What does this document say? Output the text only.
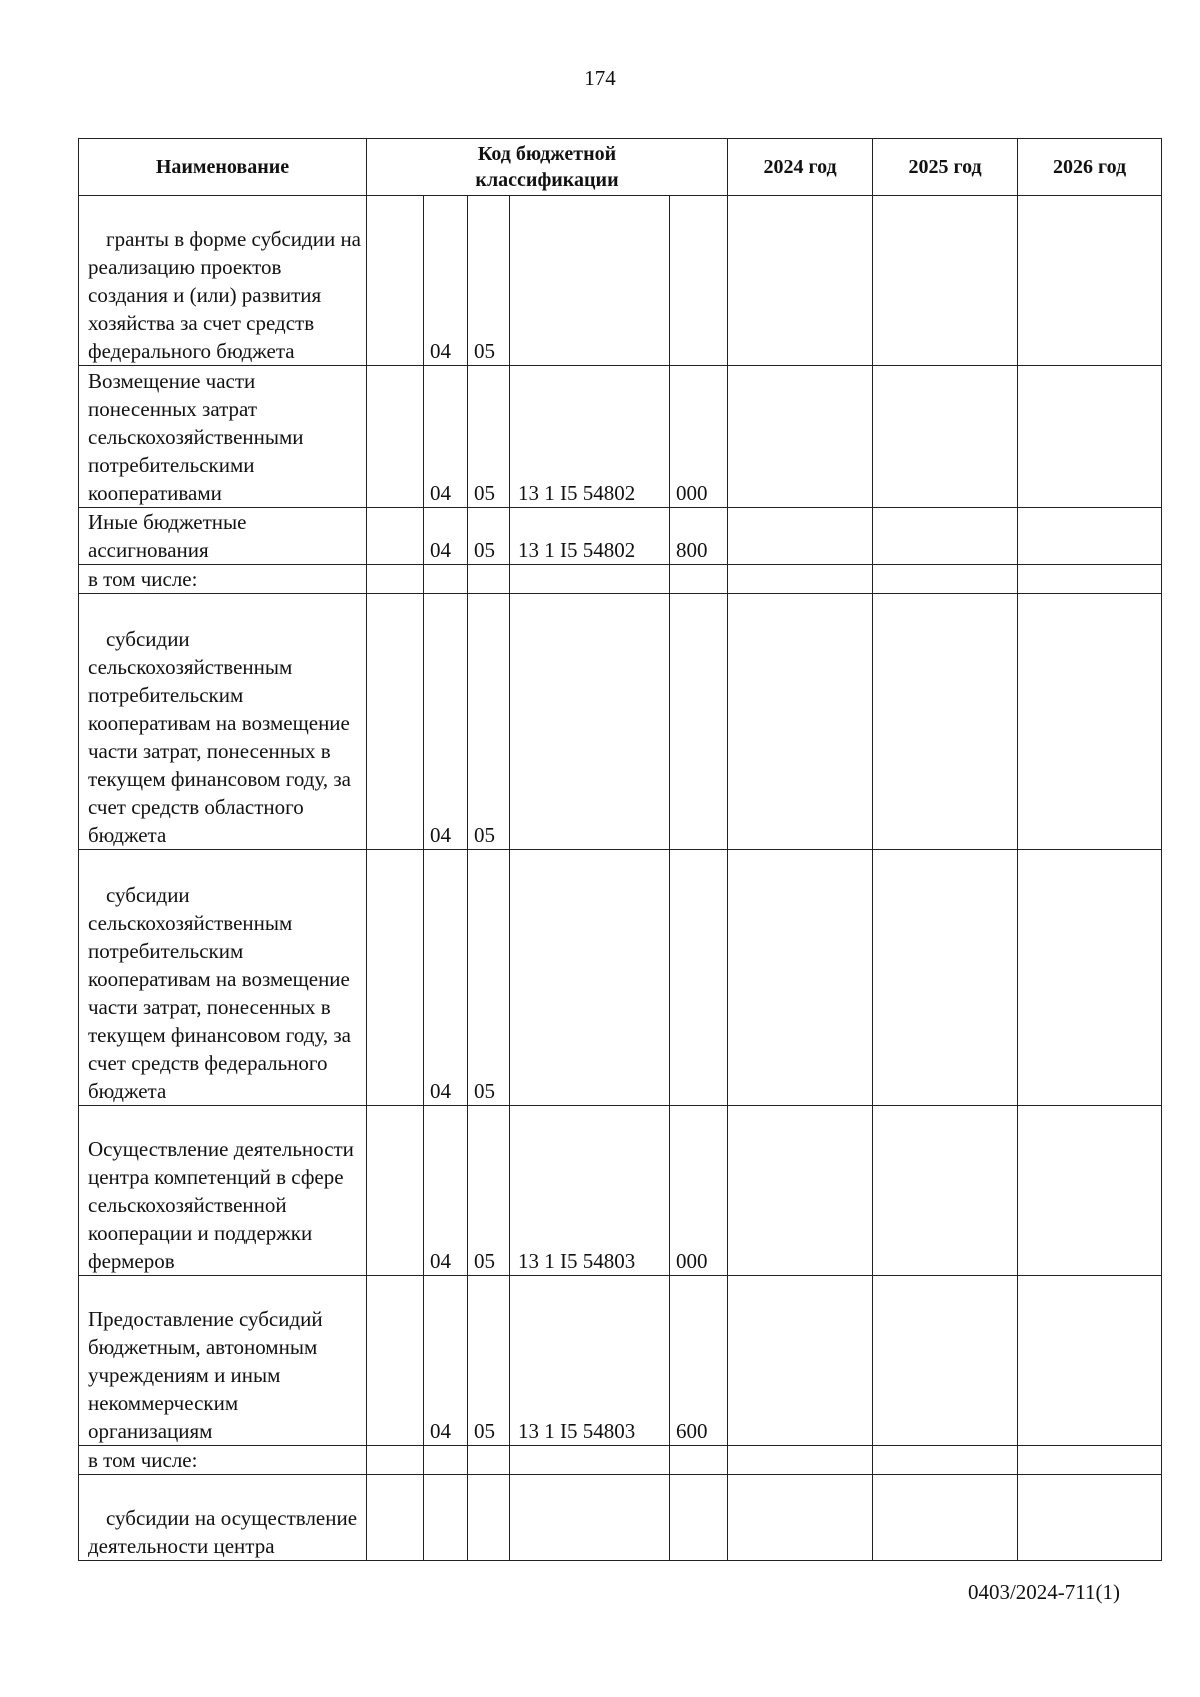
174
Наименование	Код бюджетной классификации					2024 год	2025 год	2026 год
гранты в форме субсидии на реализацию проектов создания и (или) развития хозяйства за счет средств федерального бюджета		04	05					
Возмещение части понесенных затрат сельскохозяйственными потребительскими кооперативами		04	05	13 1 I5 54802	000			
Иные бюджетные ассигнования		04	05	13 1 I5 54802	800			
в том числе:								
субсидии сельскохозяйственным потребительским кооперативам на возмещение части затрат, понесенных в текущем финансовом году, за счет средств областного бюджета		04	05					
субсидии сельскохозяйственным потребительским кооперативам на возмещение части затрат, понесенных в текущем финансовом году, за счет средств федерального бюджета		04	05					
Осуществление деятельности центра компетенций в сфере сельскохозяйственной кооперации и поддержки фермеров		04	05	13 1 I5 54803	000			
Предоставление субсидий бюджетным, автономным учреждениям и иным некоммерческим организациям		04	05	13 1 I5 54803	600			
в том числе:								
субсидии на осуществление деятельности центра								
0403/2024-711(1)
